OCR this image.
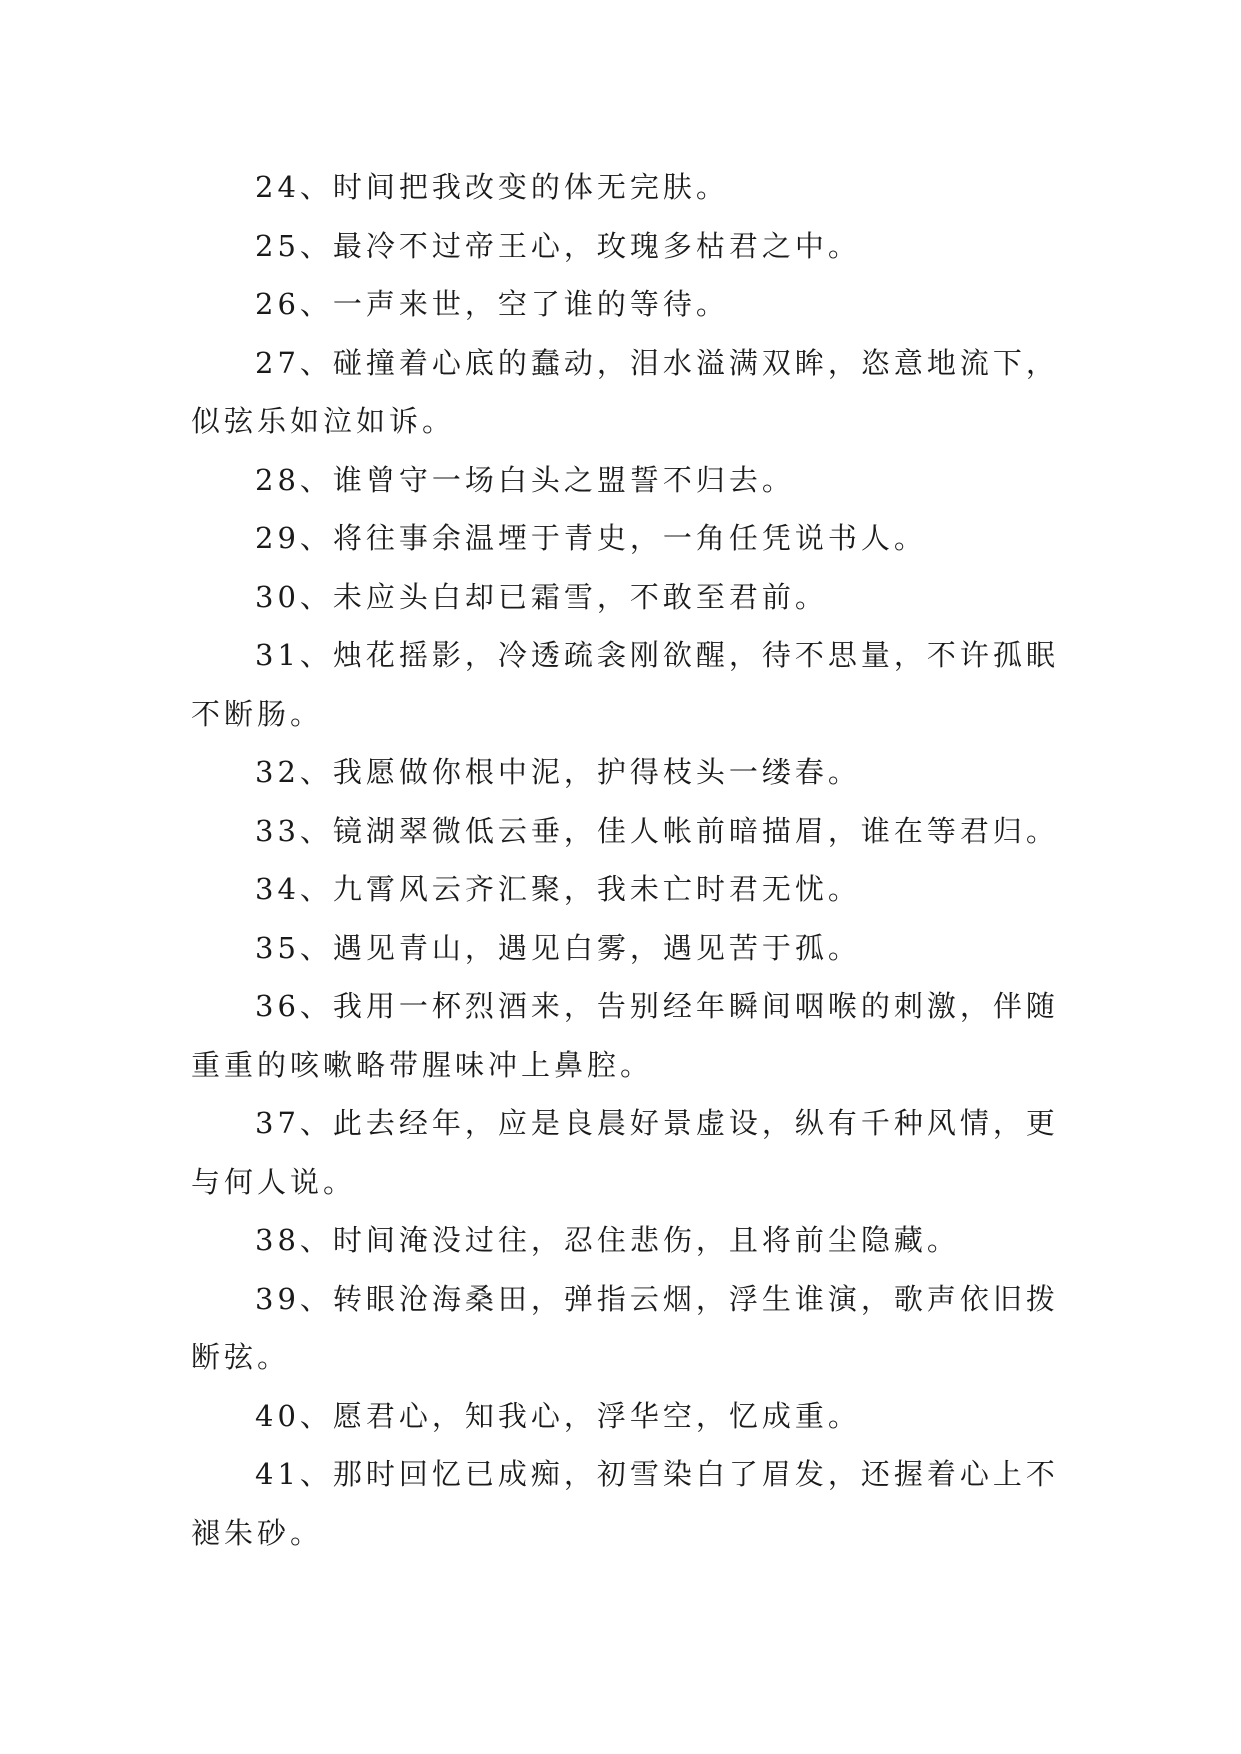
24、时间把我改变的体无完肤。

25、最冷不过帝王心，玫瑰多枯君之中。

26、一声来世，空了谁的等待。

27、碰撞着心底的蠢动，泪水溢满双眸，恣意地流下，似弦乐如泣如诉。

28、谁曾守一场白头之盟誓不归去。

29、将往事余温堙于青史，一角任凭说书人。

30、未应头白却已霜雪，不敢至君前。

31、烛花摇影，冷透疏衾刚欲醒，待不思量，不许孤眠不断肠。

32、我愿做你根中泥，护得枝头一缕春。

33、镜湖翠微低云垂，佳人帐前暗描眉，谁在等君归。

34、九霄风云齐汇聚，我未亡时君无忧。

35、遇见青山，遇见白雾，遇见苦于孤。

36、我用一杯烈酒来，告别经年瞬间咽喉的刺激，伴随重重的咳嗽略带腥味冲上鼻腔。

37、此去经年，应是良晨好景虚设，纵有千种风情，更与何人说。

38、时间淹没过往，忍住悲伤，且将前尘隐藏。

39、转眼沧海桑田，弹指云烟，浮生谁演，歌声依旧拨断弦。

40、愿君心，知我心，浮华空，忆成重。

41、那时回忆已成痴，初雪染白了眉发，还握着心上不褪朱砂。
